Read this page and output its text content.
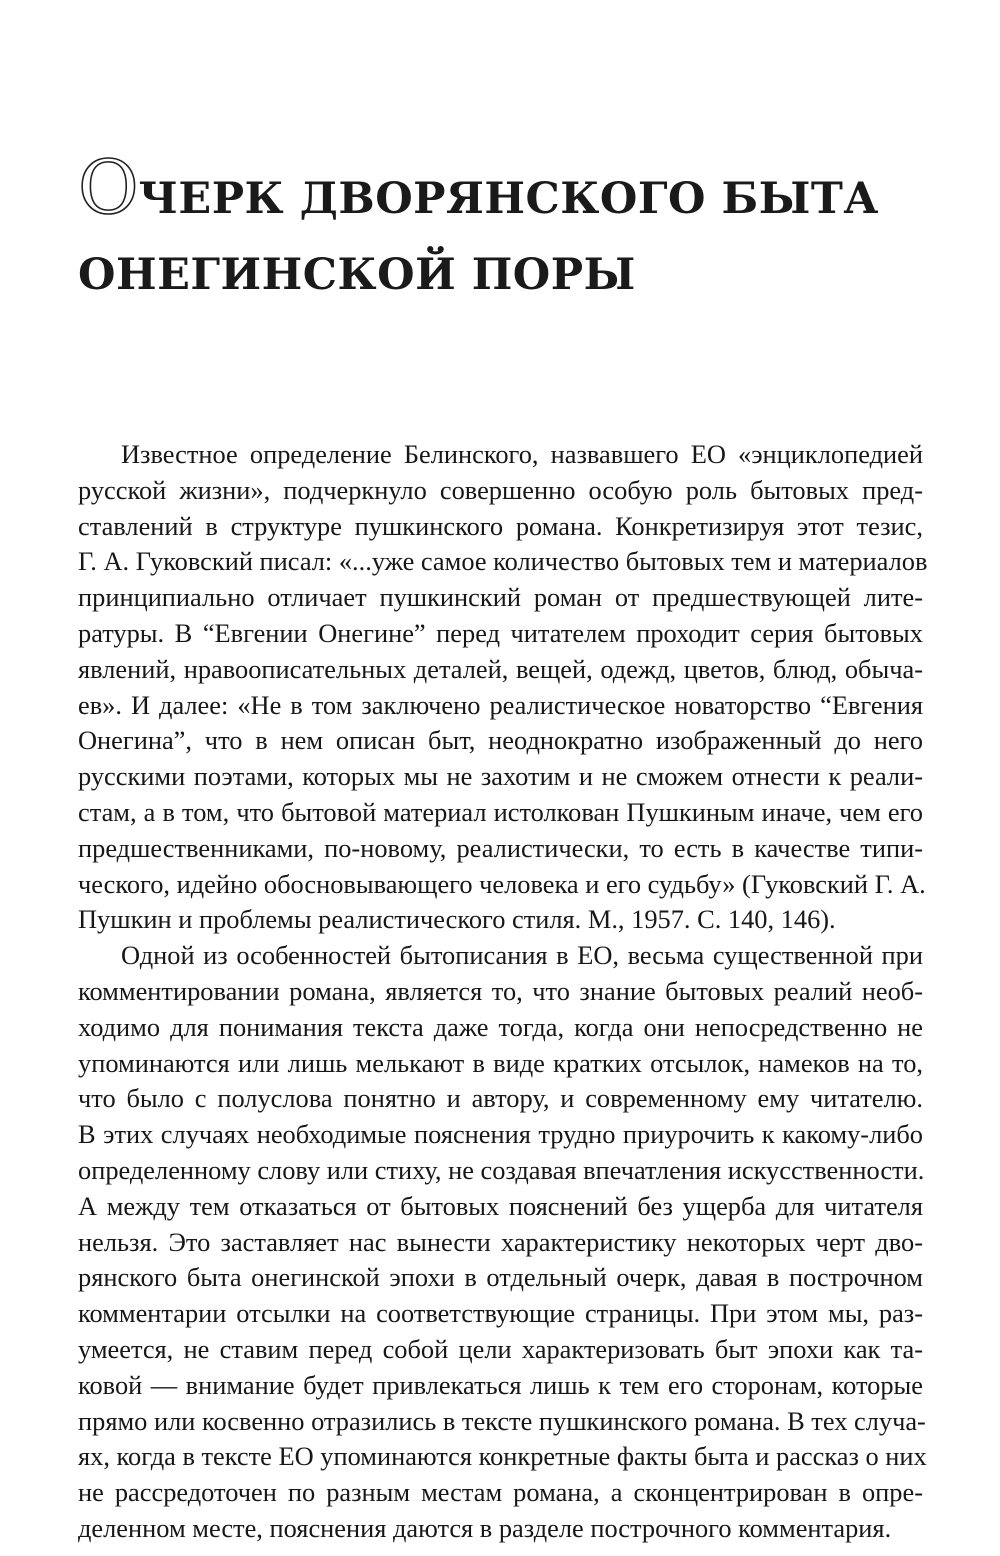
ОЧЕРК ДВОРЯНСКОГО БЫТА
ОНЕГИНСКОЙ ПОРЫ
Известное определение Белинского, назвавшего ЕО «энциклопедией
русской жизни», подчеркнуло совершенно особую роль бытовых пред-
ставлений в структуре пушкинского романа. Конкретизируя этот тезис,
Г. А. Гуковский писал: «...уже самое количество бытовых тем и материалов
принципиально отличает пушкинский роман от предшествующей лите-
ратуры. В “Евгении Онегине” перед читателем проходит серия бытовых
явлений, нравоописательных деталей, вещей, одежд, цветов, блюд, обыча-
ев». И далее: «Не в том заключено реалистическое новаторство “Евгения
Онегина”, что в нем описан быт, неоднократно изображенный до него
русскими поэтами, которых мы не захотим и не сможем отнести к реали-
стам, а в том, что бытовой материал истолкован Пушкиным иначе, чем его
предшественниками, по-новому, реалистически, то есть в качестве типи-
ческого, идейно обосновывающего человека и его судьбу» (Гуковский Г. А.
Пушкин и проблемы реалистического стиля. М., 1957. С. 140, 146).
Одной из особенностей бытописания в ЕО, весьма существенной при
комментировании романа, является то, что знание бытовых реалий необ-
ходимо для понимания текста даже тогда, когда они непосредственно не
упоминаются или лишь мелькают в виде кратких отсылок, намеков на то,
что было с полуслова понятно и автору, и современному ему читателю.
В этих случаях необходимые пояснения трудно приурочить к какому-либо
определенному слову или стиху, не создавая впечатления искусственности.
А между тем отказаться от бытовых пояснений без ущерба для читателя
нельзя. Это заставляет нас вынести характеристику некоторых черт дво-
рянского быта онегинской эпохи в отдельный очерк, давая в построчном
комментарии отсылки на соответствующие страницы. При этом мы, раз-
умеется, не ставим перед собой цели характеризовать быт эпохи как та-
ковой — внимание будет привлекаться лишь к тем его сторонам, которые
прямо или косвенно отразились в тексте пушкинского романа. В тех случа-
ях, когда в тексте ЕО упоминаются конкретные факты быта и рассказ о них
не рассредоточен по разным местам романа, а сконцентрирован в опре-
деленном месте, пояснения даются в разделе построчного комментария.
